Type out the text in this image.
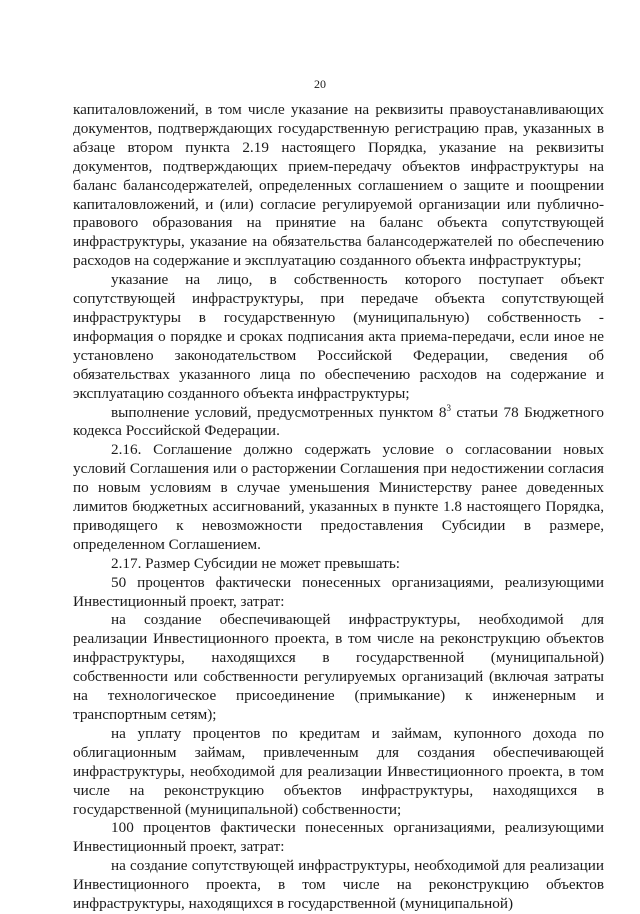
20

капиталовложений, в том числе указание на реквизиты правоустанавливающих документов, подтверждающих государственную регистрацию прав, указанных в абзаце втором пункта 2.19 настоящего Порядка, указание на реквизиты документов, подтверждающих прием-передачу объектов инфраструктуры на баланс балансодержателей, определенных соглашением о защите и поощрении капиталовложений, и (или) согласие регулируемой организации или публично-правового образования на принятие на баланс объекта сопутствующей инфраструктуры, указание на обязательства балансодержателей по обеспечению расходов на содержание и эксплуатацию созданного объекта инфраструктуры;

указание на лицо, в собственность которого поступает объект сопутствующей инфраструктуры, при передаче объекта сопутствующей инфраструктуры в государственную (муниципальную) собственность - информация о порядке и сроках подписания акта приема-передачи, если иное не установлено законодательством Российской Федерации, сведения об обязательствах указанного лица по обеспечению расходов на содержание и эксплуатацию созданного объекта инфраструктуры;

выполнение условий, предусмотренных пунктом $8^3$ статьи 78 Бюджетного кодекса Российской Федерации.

2.16. Соглашение должно содержать условие о согласовании новых условий Соглашения или о расторжении Соглашения при недостижении согласия по новым условиям в случае уменьшения Министерству ранее доведенных лимитов бюджетных ассигнований, указанных в пункте 1.8 настоящего Порядка, приводящего к невозможности предоставления Субсидии в размере, определенном Соглашением.

2.17. Размер Субсидии не может превышать:

50 процентов фактически понесенных организациями, реализующими Инвестиционный проект, затрат:

на создание обеспечивающей инфраструктуры, необходимой для реализации Инвестиционного проекта, в том числе на реконструкцию объектов инфраструктуры, находящихся в государственной (муниципальной) собственности или собственности регулируемых организаций (включая затраты на технологическое присоединение (примыкание) к инженерным и транспортным сетям);

на уплату процентов по кредитам и займам, купонного дохода по облигационным займам, привлеченным для создания обеспечивающей инфраструктуры, необходимой для реализации Инвестиционного проекта, в том числе на реконструкцию объектов инфраструктуры, находящихся в государственной (муниципальной) собственности;

100 процентов фактически понесенных организациями, реализующими Инвестиционный проект, затрат:

на создание сопутствующей инфраструктуры, необходимой для реализации Инвестиционного проекта, в том числе на реконструкцию объектов инфраструктуры, находящихся в государственной (муниципальной)
